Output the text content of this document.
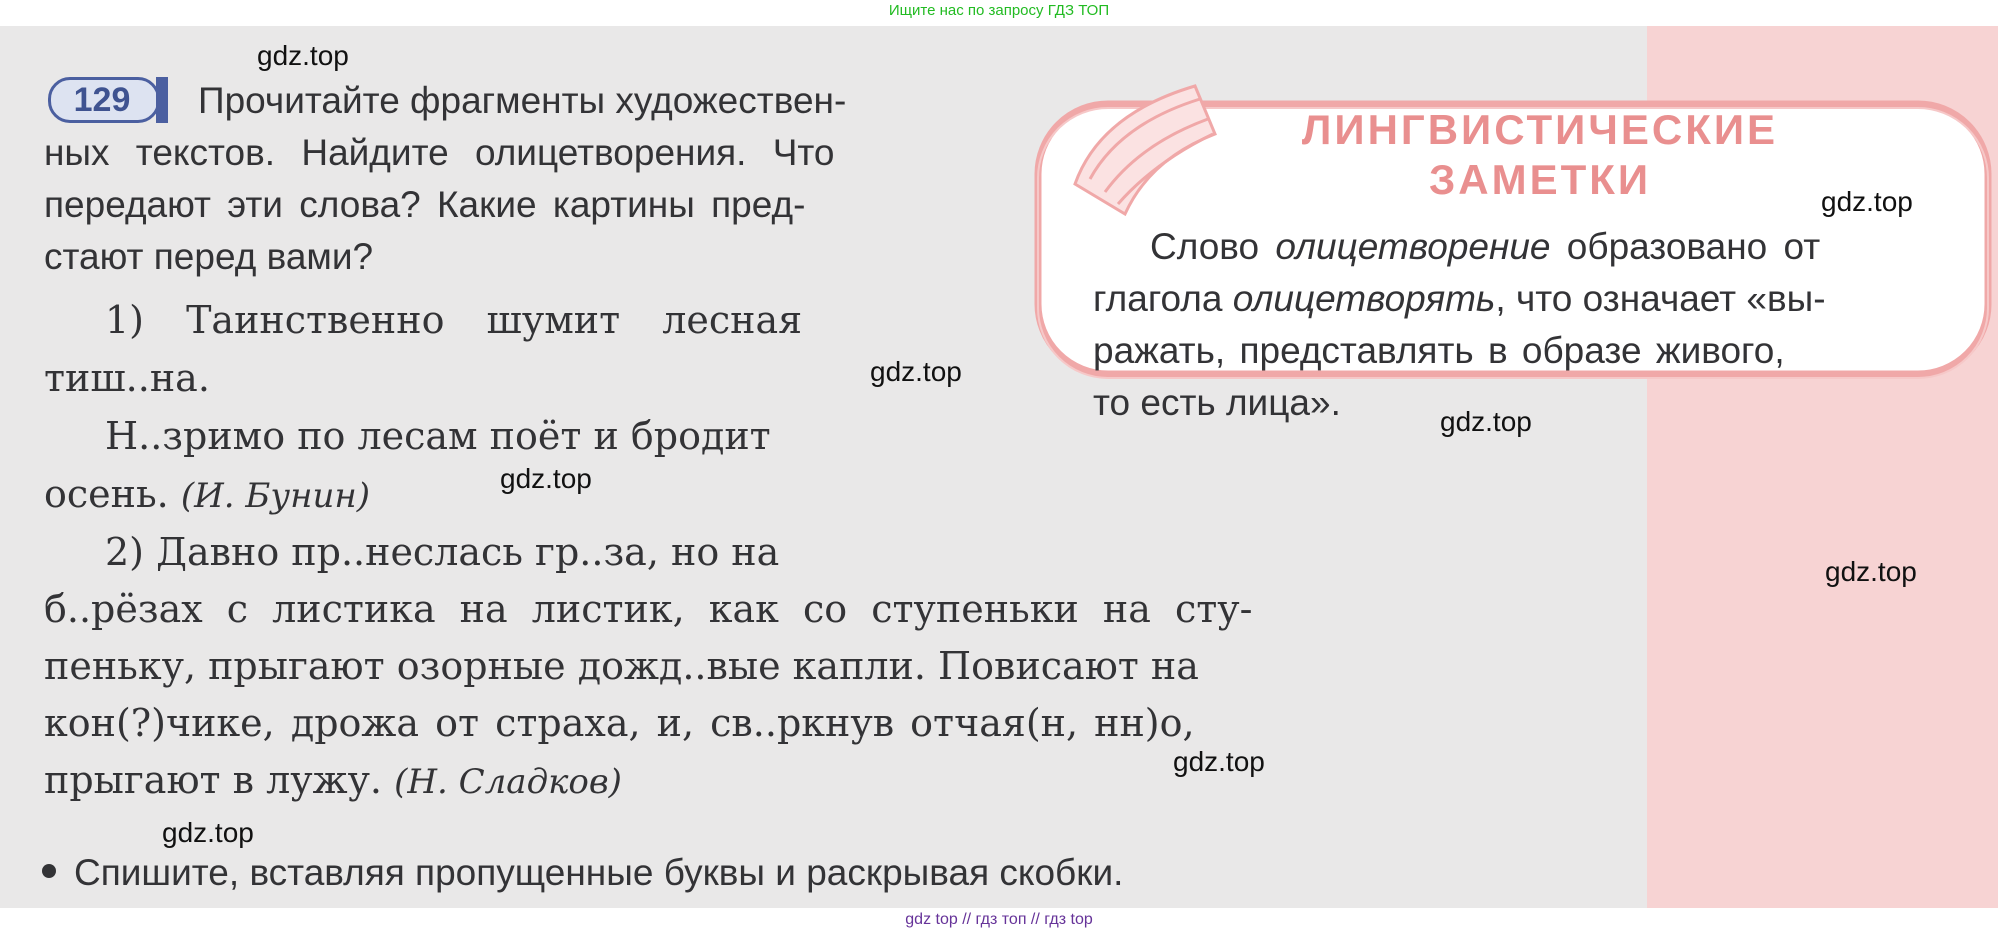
Ищите нас по запросу ГДЗ ТОП
129	Прочитайте фрагменты художествен-
ных текстов. Найдите олицетворения. Что
передают эти слова? Какие картины пред-
стают перед вами?
1) Таинственно шумит лесная
тиш..на.
Н..зримо по лесам поёт и бродит
осень. (И. Бунин)
2) Давно пр..неслась гр..за, но на
б..рёзах с листика на листик, как со ступеньки на сту-
пеньку, прыгают озорные дожд..вые капли. Повисают на
кон(?)чике, дрожа от страха, и, св..ркнув отчая(н, нн)о,
прыгают в лужу. (Н. Сладков)
ЛИНГВИСТИЧЕСКИЕ
ЗАМЕТКИ
Слово олицетворение образовано от
глагола олицетворять, что означает «вы-
ражать, представлять в образе живого,
то есть лица».
Спишите, вставляя пропущенные буквы и раскрывая скобки.
gdz.top
gdz.top
gdz.top
gdz.top
gdz.top
gdz.top
gdz.top
gdz.top
gdz top // гдз топ // гдз top
